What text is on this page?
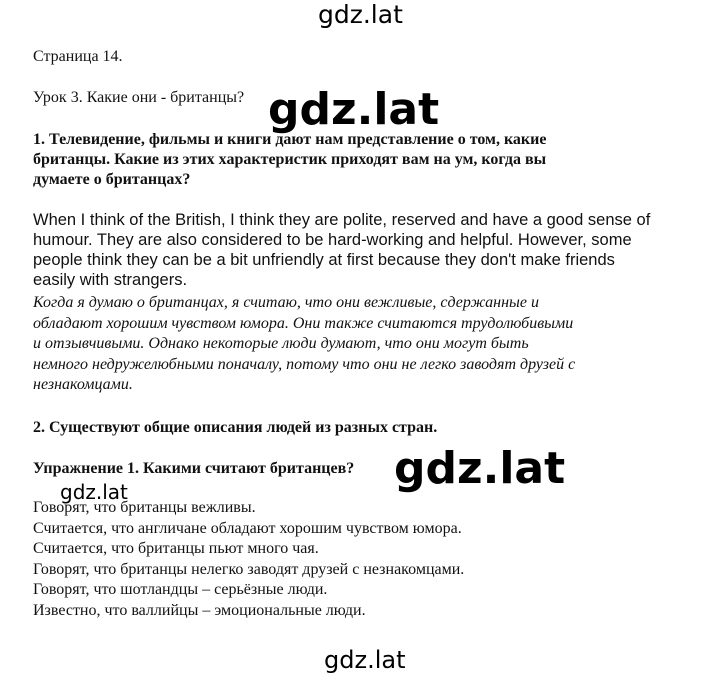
gdz.lat
Страница 14.
Урок 3. Какие они - британцы?
1. Телевидение, фильмы и книги дают нам представление о том, какие
британцы. Какие из этих характеристик приходят вам на ум, когда вы
думаете о британцах?
When I think of the British, I think they are polite, reserved and have a good sense of
humour. They are also considered to be hard-working and helpful. However, some
people think they can be a bit unfriendly at first because they don't make friends
easily with strangers.
Когда я думаю о британцах, я считаю, что они вежливые, сдержанные и
обладают хорошим чувством юмора. Они также считаются трудолюбивыми
и отзывчивыми. Однако некоторые люди думают, что они могут быть
немного недружелюбными поначалу, потому что они не легко заводят друзей с
незнакомцами.
2. Существуют общие описания людей из разных стран.
Упражнение 1. Какими считают британцев?
Говорят, что британцы вежливы.
Считается, что англичане обладают хорошим чувством юмора.
Считается, что британцы пьют много чая.
Говорят, что британцы нелегко заводят друзей с незнакомцами.
Говорят, что шотландцы – серьёзные люди.
Известно, что валлийцы – эмоциональные люди.
gdz.lat
gdz.lat
gdz.lat
gdz.lat
